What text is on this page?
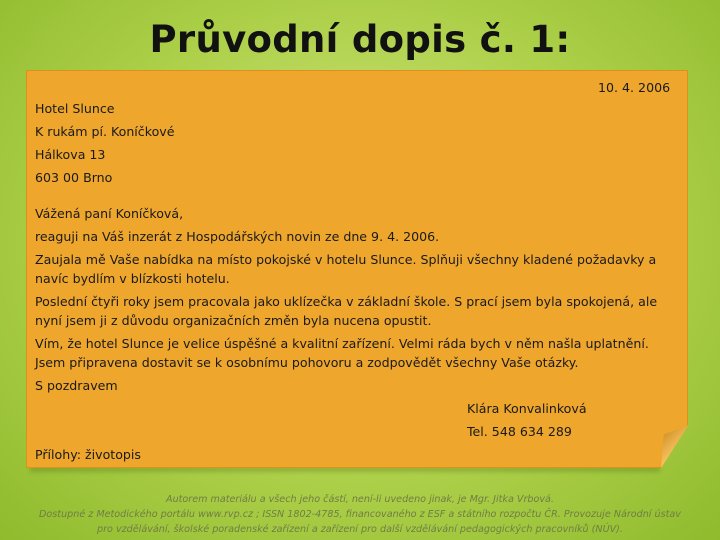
Průvodní dopis č. 1:
10. 4. 2006
Hotel Slunce
K rukám pí. Koníčkové
Hálkova 13
603 00 Brno
Vážená paní Koníčková,
reaguji na Váš inzerát z Hospodářských novin ze dne 9. 4. 2006.
Zaujala mě Vaše nabídka na místo pokojské v hotelu Slunce. Splňuji všechny kladené požadavky a
navíc bydlím v blízkosti hotelu.
Poslední čtyři roky jsem pracovala jako uklízečka v základní škole. S prací jsem byla spokojená, ale
nyní jsem ji z důvodu organizačních změn byla nucena opustit.
Vím, že hotel Slunce je velice úspěšné a kvalitní zařízení. Velmi ráda bych v něm našla uplatnění.
Jsem připravena dostavit se k osobnímu pohovoru a zodpovědět všechny Vaše otázky.
S pozdravem
Klára Konvalinková
Tel. 548 634 289
Přílohy: životopis
Autorem materiálu a všech jeho částí, není-li uvedeno jinak, je Mgr. Jitka Vrbová.
Dostupné z Metodického portálu www.rvp.cz ; ISSN 1802-4785, financovaného z ESF a státního rozpočtu ČR. Provozuje Národní ústav
pro vzdělávání, školské poradenské zařízení a zařízení pro další vzdělávání pedagogických pracovníků (NÚV).
